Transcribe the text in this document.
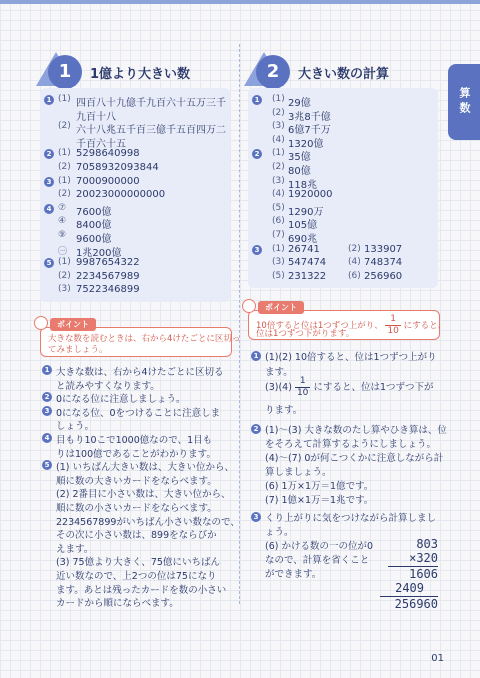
算数
1	1億より大きい数
1 (1) 四百八十九億千九百六十五万三千
九百十八
(2) 六十八兆五千百三億千五百四万二
千百六十五
2 (1) 5298640998
(2) 7058932093844
3 (1) 7000900000
(2) 20023000000000
4 ⑦ 7600億
④ 8400億
⑨ 9600億
㊀ 1兆200億
5 (1) 9987654322
(2) 2234567989
(3) 7522346899
ポイント
大きな数を読むときは、右から4けたごとに区切っ
てみましょう。
1 大きな数は、右から4けたごとに区切る
と読みやすくなります。
2 0になる位に注意しましょう。
3 0になる位、0をつけることに注意しま
しょう。
4 目もり10こで1000億なので、1目も
りは100億であることがわかります。
5 (1) いちばん大きい数は、大きい位から、
順に数の大きいカードをならべます。
(2) 2番目に小さい数は、大きい位から、
順に数の小さいカードをならべます。
2234567899がいちばん小さい数なので、
その次に小さい数は、899をならびか
えます。
(3) 75億より大きく、75億にいちばん
近い数なので、上2つの位は75になり
ます。あとは残ったカードを数の小さい
カードから順にならべます。
2	大きい数の計算
1 (1) 29億
(2) 3兆8千億
(3) 6億7千万
(4) 1320億
2 (1) 35億
(2) 80億
(3) 118兆
(4) 1920000
(5) 1290万
(6) 105億
(7) 690兆
3 (1) 26741	(2) 133907
(3) 547474 (4) 748374
(5) 231322 (6) 256960
ポイント
10倍すると位は1つずつ上がり、 $\frac{1}{10}$ にすると、
位は1つずつ下がります。
1 (1)(2) 10倍すると、位は1つずつ上がり
ます。
$(3)(4) \frac{1}{10}$ にすると、位は1つずつ下が
ります。
2 (1)〜(3) 大きな数のたし算やひき算は、位
をそろえて計算するようにしましょう。
(4)〜(7) 0が何こつくかに注意しながら計
算しましょう。
(6) 1万×1万＝1億です。
(7) 1億×1万＝1兆です。
3 くり上がりに気をつけながら計算しまし
ょう。
(6) かける数の一の位が0
なので、計算を省くこと
ができます。
803
×320
1606
2409
256960
01
